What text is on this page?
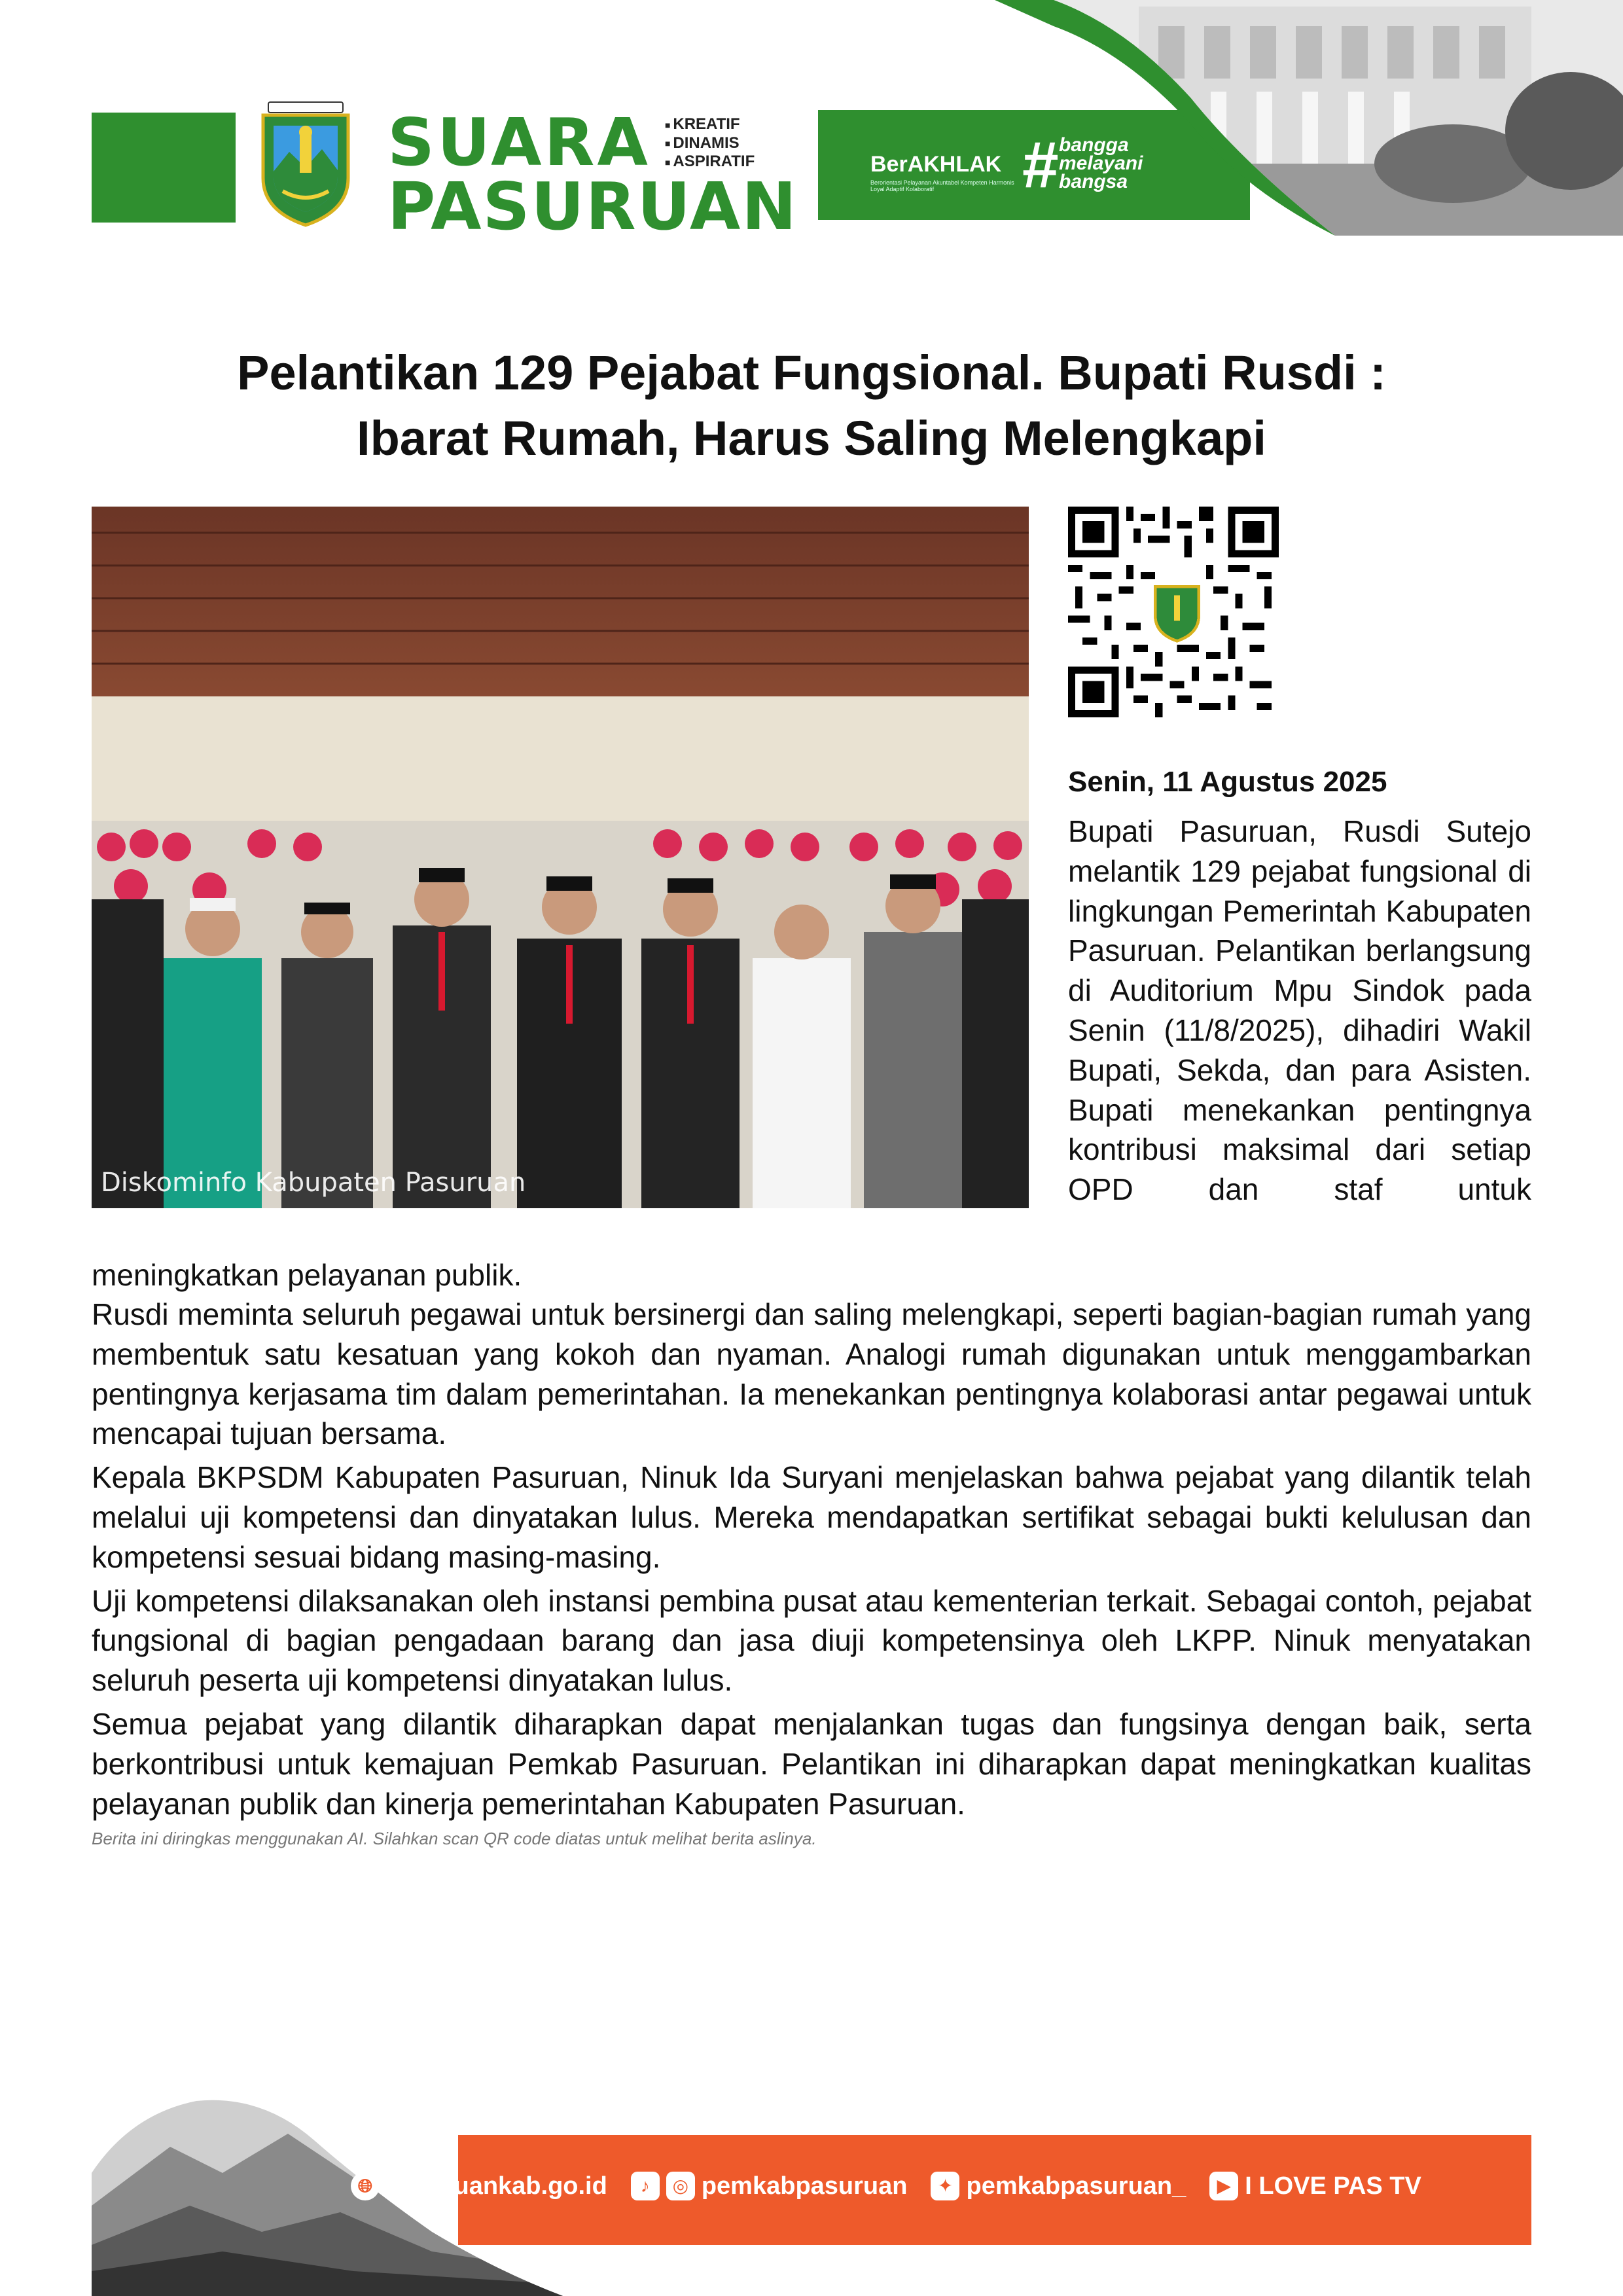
SUARA
PASURUAN
■ KREATIF
■ DINAMIS
■ ASPIRATIF	BerAKHLAK
Berorientasi Pelayanan Akuntabel Kompeten Harmonis Loyal Adaptif Kolaboratif	# bangga
melayani
bangsa
Pelantikan 129 Pejabat Fungsional. Bupati Rusdi :
Ibarat Rumah, Harus Saling Melengkapi
Diskominfo Kabupaten Pasuruan
Senin, 11 Agustus 2025
Bupati Pasuruan, Rusdi Sutejo melantik 129 pejabat fungsional di lingkungan Pemerintah Kabupaten Pasuruan. Pelantikan berlangsung di Auditorium Mpu Sindok pada Senin (11/8/2025), dihadiri Wakil Bupati, Sekda, dan para Asisten. Bupati menekankan pentingnya kontribusi maksimal dari setiap OPD dan staf untuk
meningkatkan pelayanan publik.

Rusdi meminta seluruh pegawai untuk bersinergi dan saling melengkapi, seperti bagian-bagian rumah yang membentuk satu kesatuan yang kokoh dan nyaman. Analogi rumah digunakan untuk menggambarkan pentingnya kerjasama tim dalam pemerintahan. Ia menekankan pentingnya kolaborasi antar pegawai untuk mencapai tujuan bersama.

Kepala BKPSDM Kabupaten Pasuruan, Ninuk Ida Suryani menjelaskan bahwa pejabat yang dilantik telah melalui uji kompetensi dan dinyatakan lulus. Mereka mendapatkan sertifikat sebagai bukti kelulusan dan kompetensi sesuai bidang masing-masing.

Uji kompetensi dilaksanakan oleh instansi pembina pusat atau kementerian terkait. Sebagai contoh, pejabat fungsional di bagian pengadaan barang dan jasa diuji kompetensinya oleh LKPP. Ninuk menyatakan seluruh peserta uji kompetensi dinyatakan lulus.

Semua pejabat yang dilantik diharapkan dapat menjalankan tugas dan fungsinya dengan baik, serta berkontribusi untuk kemajuan Pemkab Pasuruan. Pelantikan ini diharapkan dapat meningkatkan kualitas pelayanan publik dan kinerja pemerintahan Kabupaten Pasuruan.

Berita ini diringkas menggunakan AI. Silahkan scan QR code diatas untuk melihat berita aslinya.
🌐︎ pasuruankab.go.id	♪	◎ pemkabpasuruan	✦ pemkabpasuruan_	▶ I LOVE PAS TV
